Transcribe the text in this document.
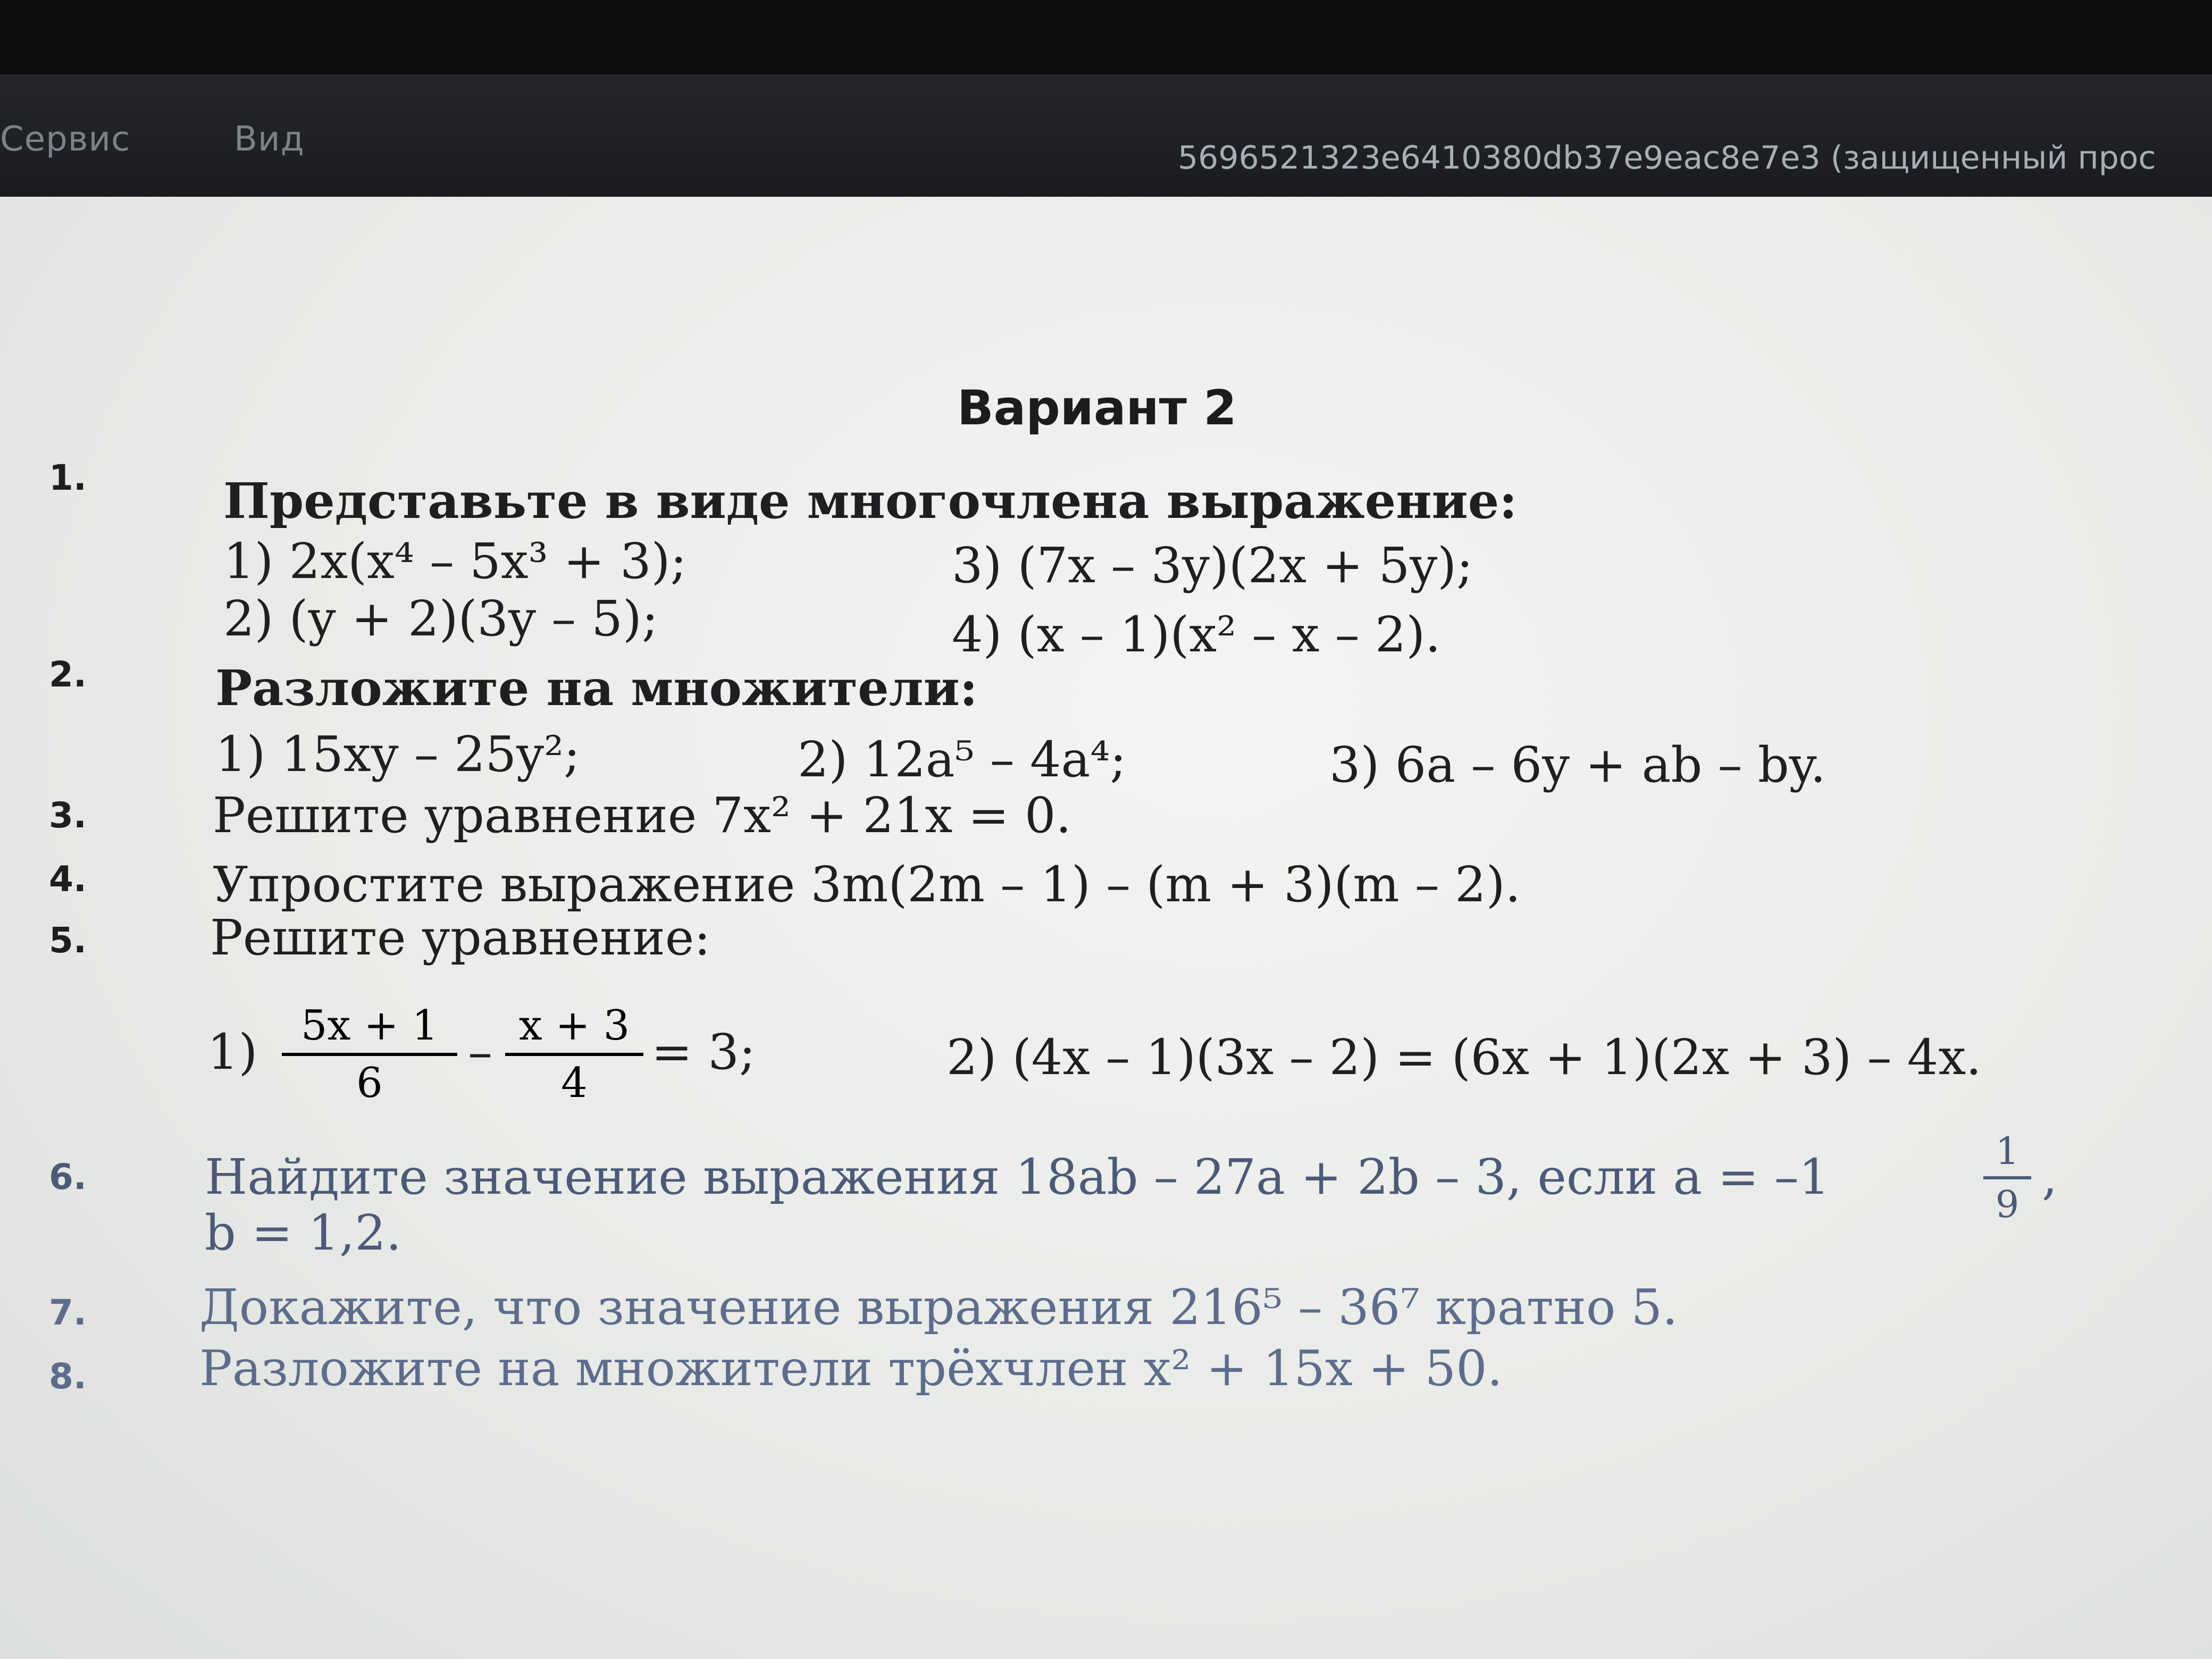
Сервис	Вид	5696521323e6410380db37e9eac8e7e3 (защищенный прос
Вариант 2
1.	Представьте в виде многочлена выражение:
1) 2x(x⁴ – 5x³ + 3);	3) (7x – 3y)(2x + 5y);
2) (y + 2)(3y – 5);	4) (x – 1)(x² – x – 2).
2.	Разложите на множители:
1) 15xy – 25y²;	2) 12a⁵ – 4a⁴;	3) 6a – 6y + ab – by.
3.	Решите уравнение 7x² + 21x = 0.
4.	Упростите выражение 3m(2m – 1) – (m + 3)(m – 2).
5.	Решите уравнение:
1)	5x + 1
6
– x + 3
4
= 3;	2) (4x – 1)(3x – 2) = (6x + 1)(2x + 3) – 4x.
6. Найдите значение выражения 18ab – 27a + 2b – 3, если a = –1	1
9 ,
b = 1,2.
7. Докажите, что значение выражения 216⁵ – 36⁷ кратно 5.
8. Разложите на множители трёхчлен x² + 15x + 50.
